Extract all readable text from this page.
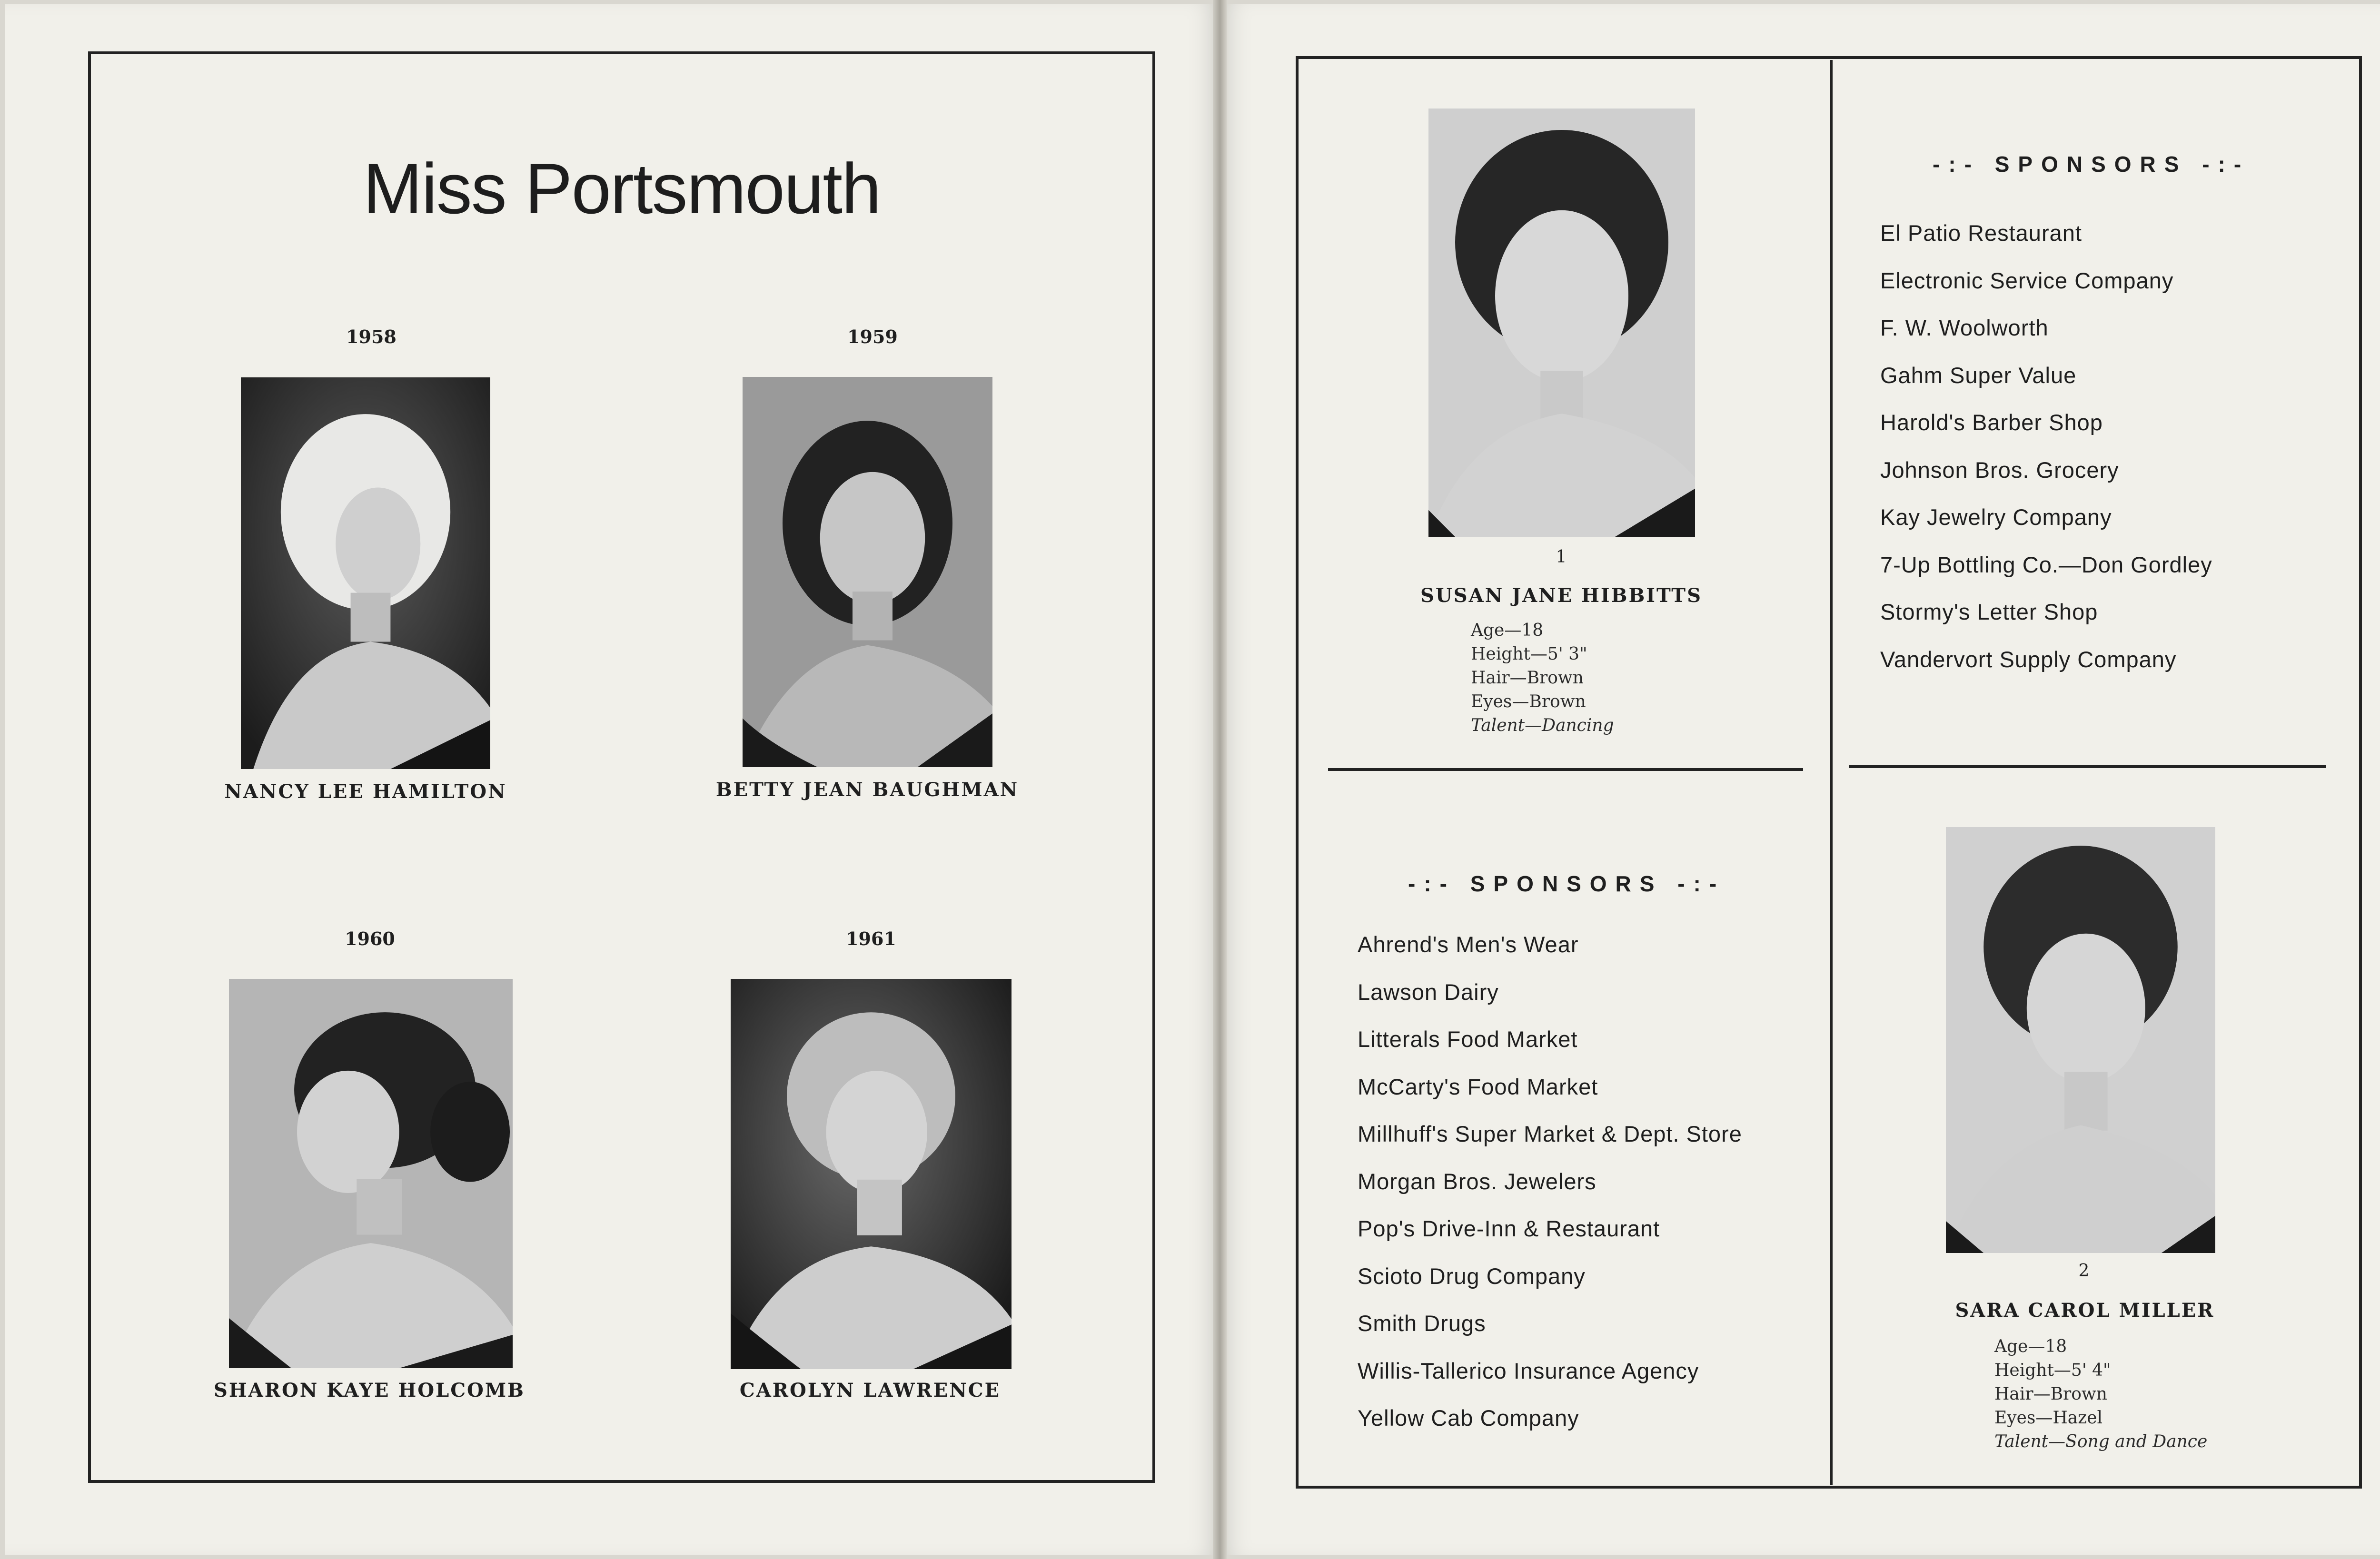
Miss Portsmouth
1958
NANCY LEE HAMILTON
1959
BETTY JEAN BAUGHMAN
1960
SHARON KAYE HOLCOMB
1961
CAROLYN LAWRENCE
1
SUSAN JANE HIBBITTS
Age—18
Height—5' 3"
Hair—Brown
Eyes—Brown
Talent—Dancing
-:- SPONSORS -:-
El Patio Restaurant
Electronic Service Company
F. W. Woolworth
Gahm Super Value
Harold's Barber Shop
Johnson Bros. Grocery
Kay Jewelry Company
7-Up Bottling Co.—Don Gordley
Stormy's Letter Shop
Vandervort Supply Company
-:- SPONSORS -:-
Ahrend's Men's Wear
Lawson Dairy
Litterals Food Market
McCarty's Food Market
Millhuff's Super Market & Dept. Store
Morgan Bros. Jewelers
Pop's Drive-Inn & Restaurant
Scioto Drug Company
Smith Drugs
Willis-Tallerico Insurance Agency
Yellow Cab Company
2
SARA CAROL MILLER
Age—18
Height—5' 4"
Hair—Brown
Eyes—Hazel
Talent—Song and Dance
